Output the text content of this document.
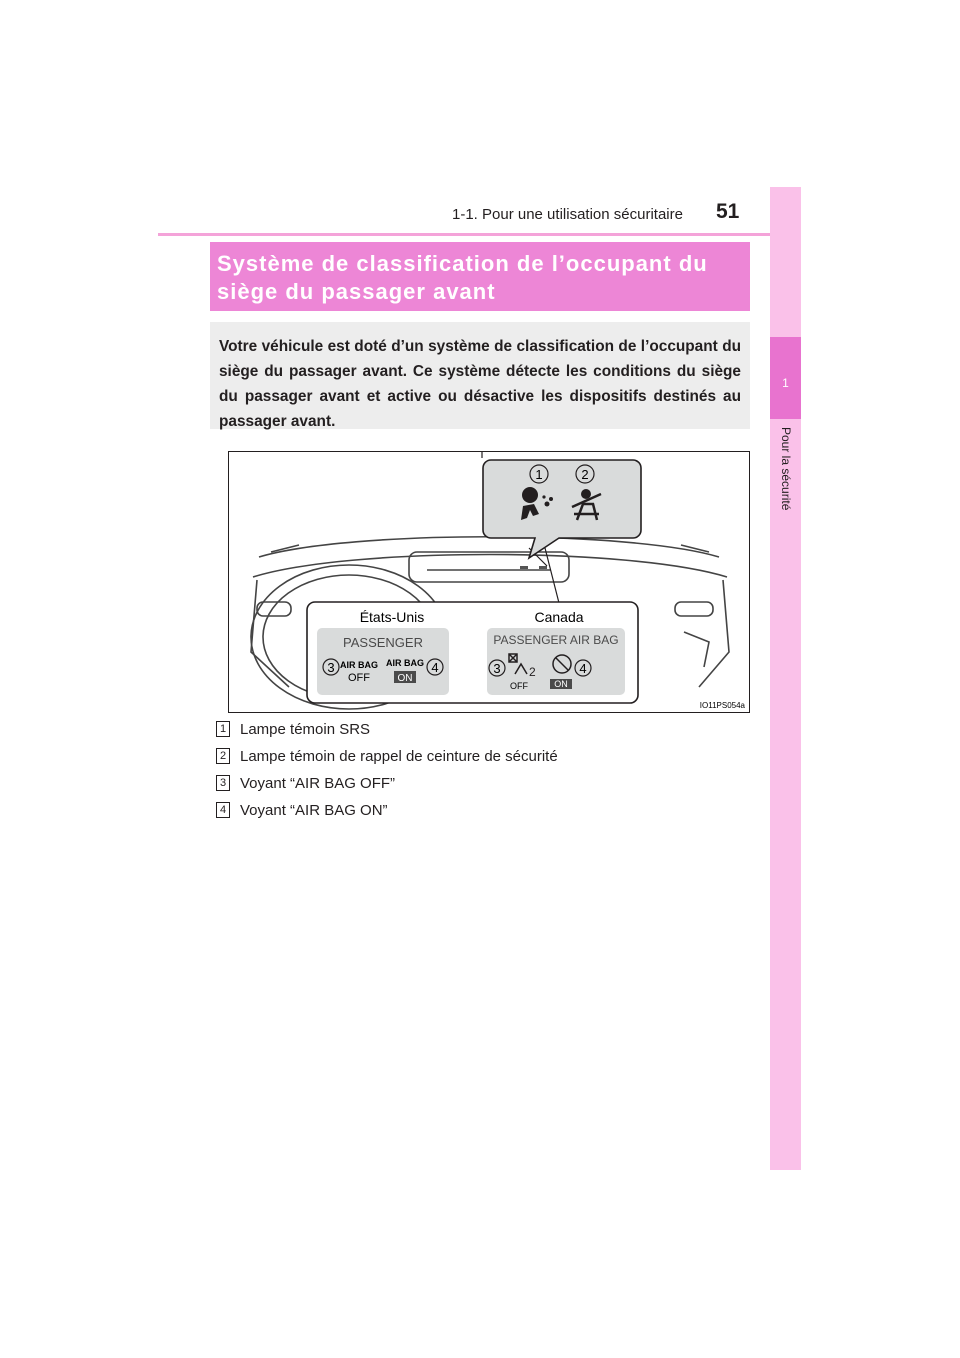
1-1. Pour une utilisation sécuritaire 51
1
Pour la sécurité
Système de classification de l’occupant du
siège du passager avant
Votre véhicule est doté d’un système de classification de l’occupant du siège du passager avant. Ce système détecte les conditions du siège du passager avant et active ou désactive les dispositifs destinés au passager avant.
1	2
États-Unis	Canada
PASSENGER
3 AIR BAG
OFF
AIR BAG
ON
4
PASSENGER AIR BAG
3 2
OFF	ON
4
IO11PS054a
1 Lampe témoin SRS
2 Lampe témoin de rappel de ceinture de sécurité
3 Voyant “AIR BAG OFF”
4 Voyant “AIR BAG ON”
